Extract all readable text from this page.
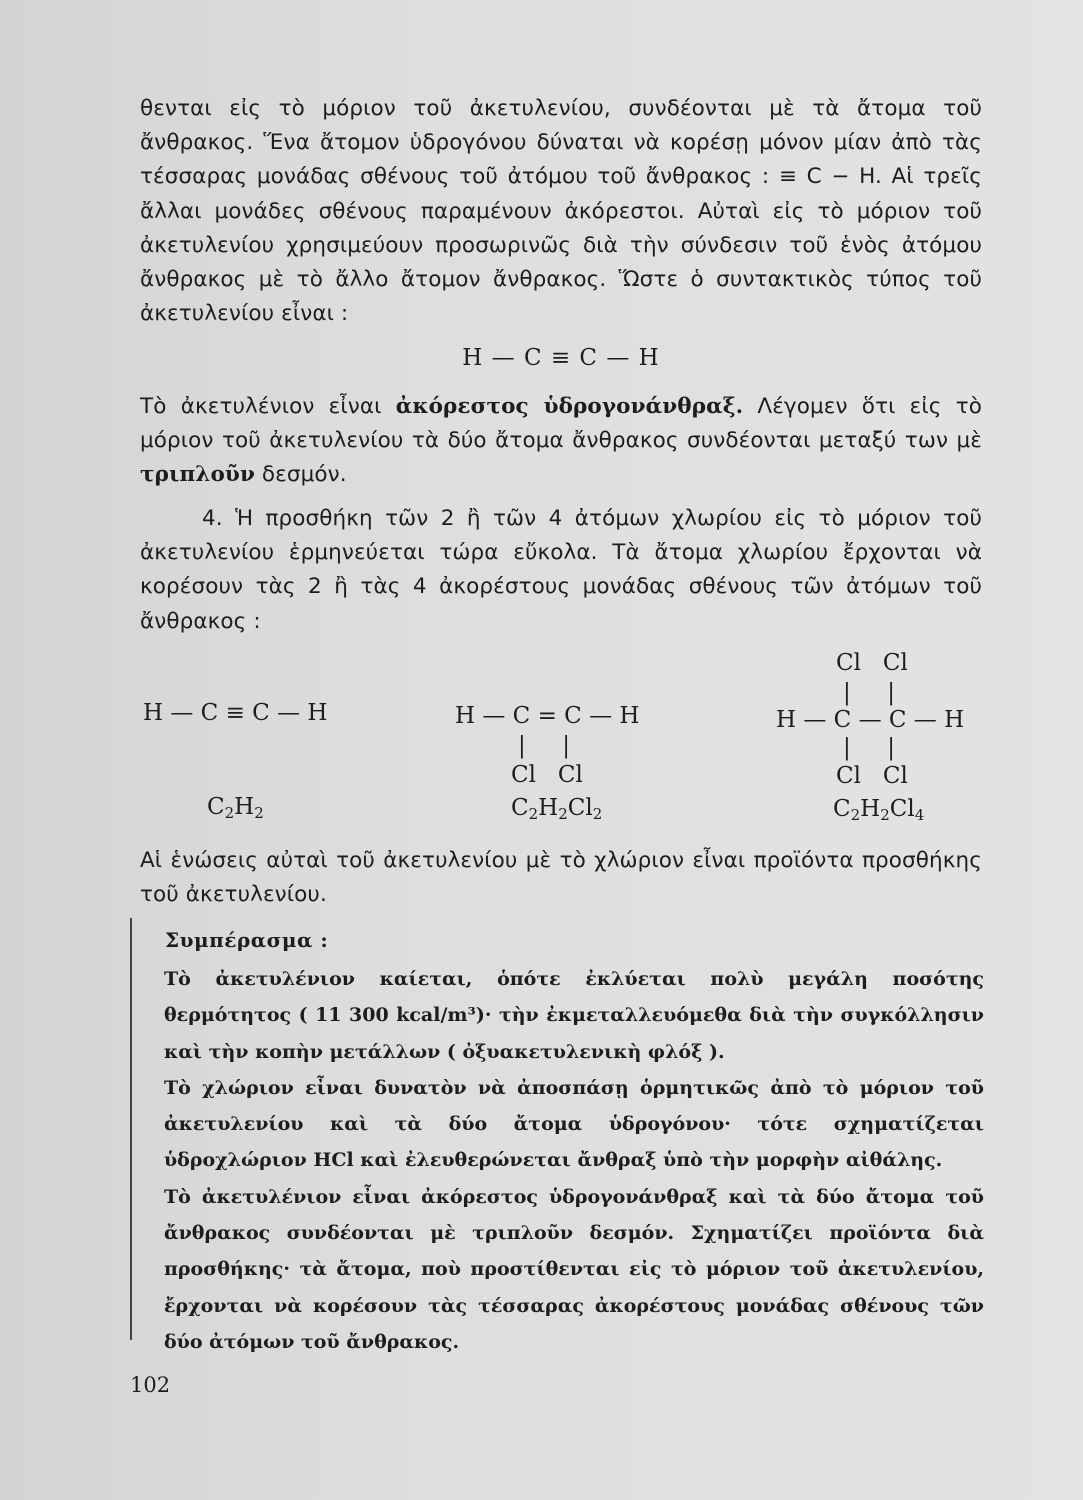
θενται εἰς τὸ μόριον τοῦ ἀκετυλενίου, συνδέονται μὲ τὰ ἄτομα τοῦ ἄνθρακος. Ἕνα ἄτομον ὑδρογόνου δύναται νὰ κορέσῃ μόνον μίαν ἀπὸ τὰς τέσσαρας μονάδας σθένους τοῦ ἀτόμου τοῦ ἄνθρακος : ≡ C − H. Αἱ τρεῖς ἄλλαι μονάδες σθένους παραμένουν ἀκόρεστοι. Αὐταὶ εἰς τὸ μόριον τοῦ ἀκετυλενίου χρησιμεύουν προσωρινῶς διὰ τὴν σύνδεσιν τοῦ ἑνὸς ἀτόμου ἄνθρακος μὲ τὸ ἄλλο ἄτομον ἄνθρακος. Ὥστε ὁ συντακτικὸς τύπος τοῦ ἀκετυλενίου εἶναι :
H — C ≡ C — H
Τὸ ἀκετυλένιον εἶναι ἀκόρεστος ὑδρογονάνθραξ. Λέγομεν ὅτι εἰς τὸ μόριον τοῦ ἀκετυλενίου τὰ δύο ἄτομα ἄνθρακος συνδέονται μεταξύ των μὲ τριπλοῦν δεσμόν.
4. Ἡ προσθήκη τῶν 2 ἢ τῶν 4 ἀτόμων χλωρίου εἰς τὸ μόριον τοῦ ἀκετυλενίου ἑρμηνεύεται τώρα εὔκολα. Τὰ ἄτομα χλωρίου ἔρχονται νὰ κορέσουν τὰς 2 ἢ τὰς 4 ἀκορέστους μονάδας σθένους τῶν ἀτόμων τοῦ ἄνθρακος :
H — C ≡ C — H
$C_2H_2$
H — C = C — H
|     |
Cl   Cl
$C_2H_2Cl_2$
Cl   Cl
|     |
H — C — C — H
|     |
Cl   Cl
$C_2H_2Cl_4$
Αἱ ἑνώσεις αὐταὶ τοῦ ἀκετυλενίου μὲ τὸ χλώριον εἶναι προϊόντα προσθήκης τοῦ ἀκετυλενίου.
Συμπέρασμα :

Τὸ ἀκετυλένιον καίεται, ὁπότε ἐκλύεται πολὺ μεγάλη ποσότης θερμότητος ( 11 300 kcal/m³)· τὴν ἐκμεταλλευόμεθα διὰ τὴν συγκόλλησιν καὶ τὴν κοπὴν μετάλλων ( ὀξυακετυλενικὴ φλόξ ).

Τὸ χλώριον εἶναι δυνατὸν νὰ ἀποσπάσῃ ὁρμητικῶς ἀπὸ τὸ μόριον τοῦ ἀκετυλενίου καὶ τὰ δύο ἄτομα ὑδρογόνου· τότε σχηματίζεται ὑδροχλώριον HCl καὶ ἐλευθερώνεται ἄνθραξ ὑπὸ τὴν μορφὴν αἰθάλης.

Τὸ ἀκετυλένιον εἶναι ἀκόρεστος ὑδρογονάνθραξ καὶ τὰ δύο ἄτομα τοῦ ἄνθρακος συνδέονται μὲ τριπλοῦν δεσμόν. Σχηματίζει προϊόντα διὰ προσθήκης· τὰ ἄτομα, ποὺ προστίθενται εἰς τὸ μόριον τοῦ ἀκετυλενίου, ἔρχονται νὰ κορέσουν τὰς τέσσαρας ἀκορέστους μονάδας σθένους τῶν δύο ἀτόμων τοῦ ἄνθρακος.

102
